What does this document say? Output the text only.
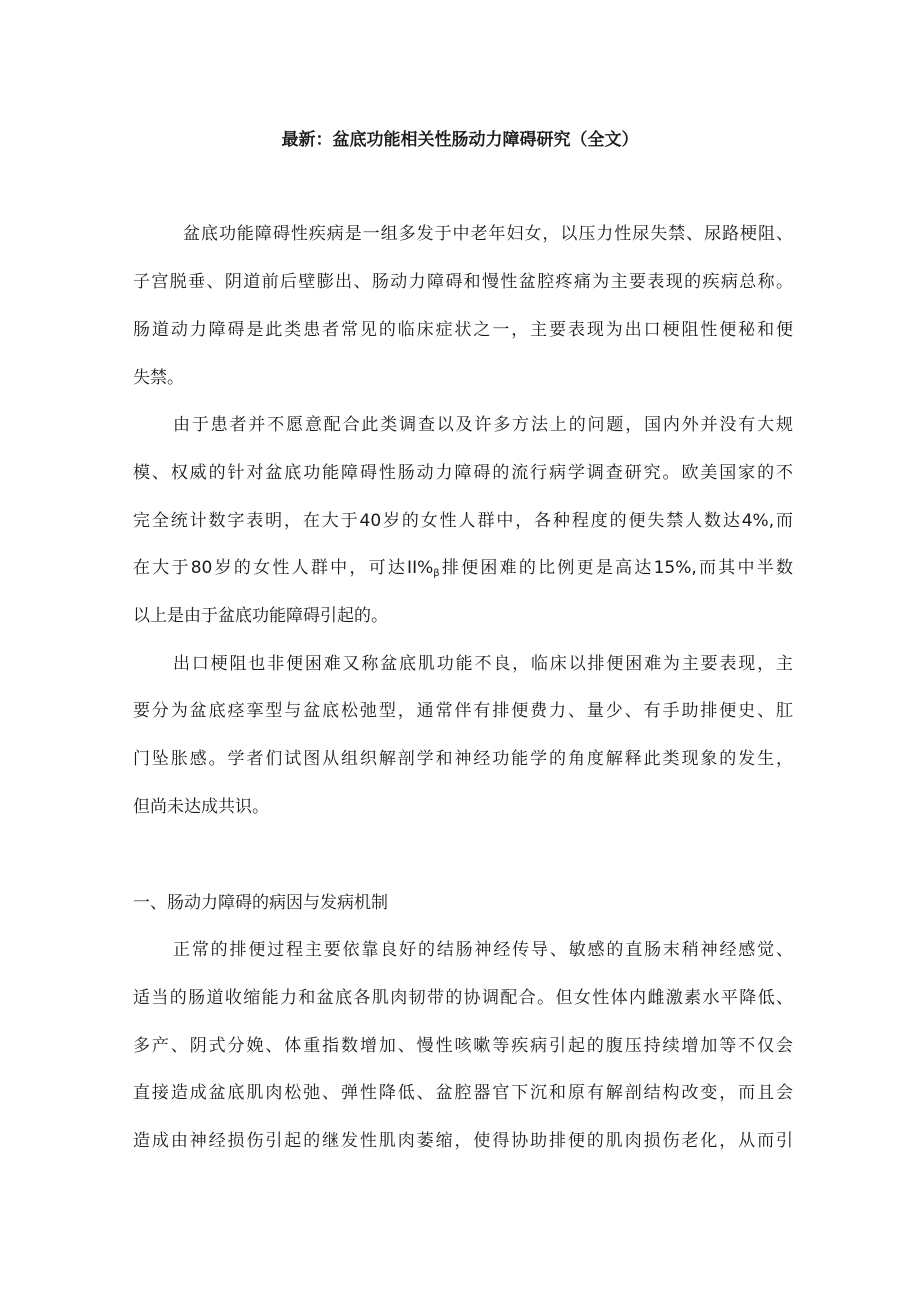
最新：盆底功能相关性肠动力障碍研究（全文）
盆底功能障碍性疾病是一组多发于中老年妇女，以压力性尿失禁、尿路梗阻、
子宫脱垂、阴道前后壁膨出、肠动力障碍和慢性盆腔疼痛为主要表现的疾病总称。
肠道动力障碍是此类患者常见的临床症状之一，主要表现为出口梗阻性便秘和便
失禁。
由于患者并不愿意配合此类调查以及许多方法上的问题，国内外并没有大规
模、权威的针对盆底功能障碍性肠动力障碍的流行病学调查研究。欧美国家的不
完全统计数字表明，在大于40岁的女性人群中，各种程度的便失禁人数达4%,而
在大于80岁的女性人群中，可达$II\%_\beta$排便困难的比例更是高达15%,而其中半数
以上是由于盆底功能障碍引起的。
出口梗阻也非便困难又称盆底肌功能不良，临床以排便困难为主要表现，主
要分为盆底痉挛型与盆底松弛型，通常伴有排便费力、量少、有手助排便史、肛
门坠胀感。学者们试图从组织解剖学和神经功能学的角度解释此类现象的发生，
但尚未达成共识。
一、肠动力障碍的病因与发病机制
正常的排便过程主要依靠良好的结肠神经传导、敏感的直肠末稍神经感觉、
适当的肠道收缩能力和盆底各肌肉韧带的协调配合。但女性体内雌激素水平降低、
多产、阴式分娩、体重指数增加、慢性咳嗽等疾病引起的腹压持续增加等不仅会
直接造成盆底肌肉松弛、弹性降低、盆腔器官下沉和原有解剖结构改变，而且会
造成由神经损伤引起的继发性肌肉萎缩，使得协助排便的肌肉损伤老化，从而引
